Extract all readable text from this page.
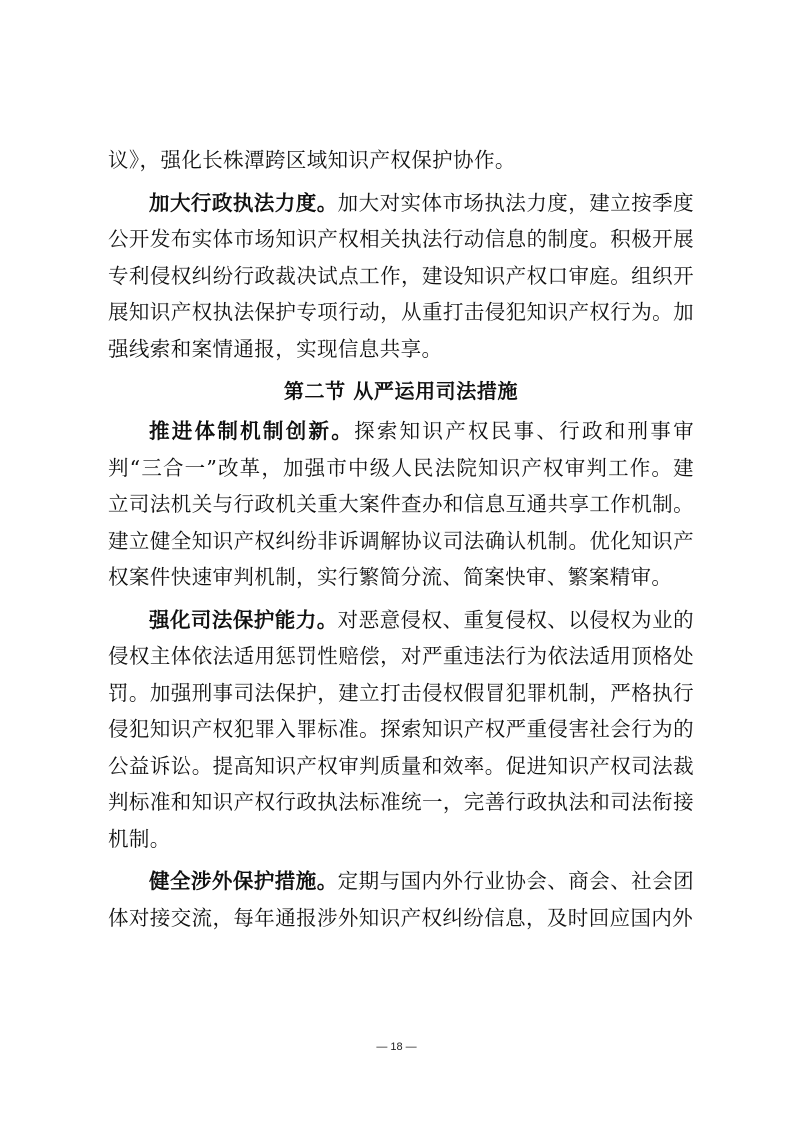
议》，强化长株潭跨区域知识产权保护协作。

加大行政执法力度。加大对实体市场执法力度，建立按季度公开发布实体市场知识产权相关执法行动信息的制度。积极开展专利侵权纠纷行政裁决试点工作，建设知识产权口审庭。组织开展知识产权执法保护专项行动，从重打击侵犯知识产权行为。加强线索和案情通报，实现信息共享。

第二节 从严运用司法措施

推进体制机制创新。探索知识产权民事、行政和刑事审判“三合一”改革，加强市中级人民法院知识产权审判工作。建立司法机关与行政机关重大案件查办和信息互通共享工作机制。建立健全知识产权纠纷非诉调解协议司法确认机制。优化知识产权案件快速审判机制，实行繁简分流、简案快审、繁案精审。

强化司法保护能力。对恶意侵权、重复侵权、以侵权为业的侵权主体依法适用惩罚性赔偿，对严重违法行为依法适用顶格处罚。加强刑事司法保护，建立打击侵权假冒犯罪机制，严格执行侵犯知识产权犯罪入罪标准。探索知识产权严重侵害社会行为的公益诉讼。提高知识产权审判质量和效率。促进知识产权司法裁判标准和知识产权行政执法标准统一，完善行政执法和司法衔接机制。

健全涉外保护措施。定期与国内外行业协会、商会、社会团体对接交流，每年通报涉外知识产权纠纷信息，及时回应国内外

— 18 —
